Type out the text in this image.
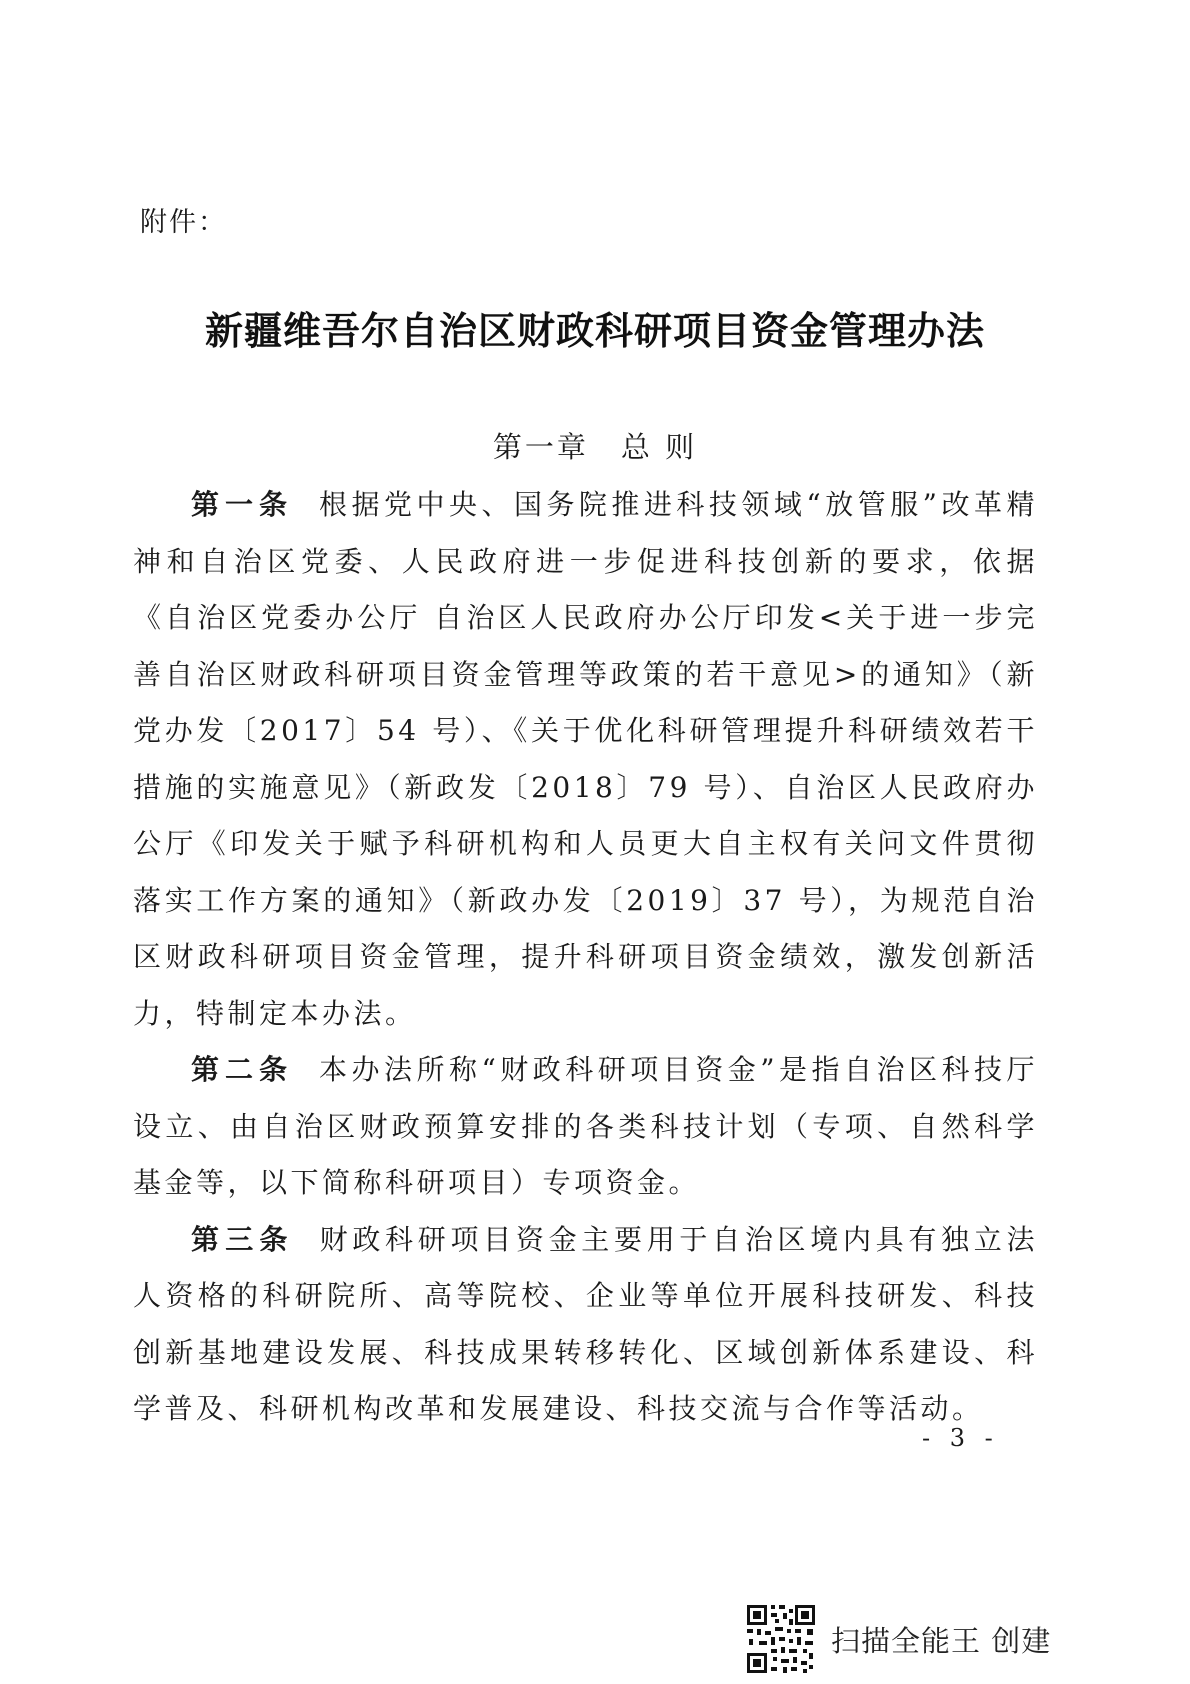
附件：
新疆维吾尔自治区财政科研项目资金管理办法
第一章　总 则

第一条 根据党中央、国务院推进科技领域“放管服”改革精神和自治区党委、人民政府进一步促进科技创新的要求，依据《自治区党委办公厅 自治区人民政府办公厅印发<关于进一步完善自治区财政科研项目资金管理等政策的若干意见>的通知》（新党办发〔2017〕54 号）、《关于优化科研管理提升科研绩效若干措施的实施意见》（新政发〔2018〕79 号）、自治区人民政府办公厅《印发关于赋予科研机构和人员更大自主权有关问文件贯彻落实工作方案的通知》（新政办发〔2019〕37 号），为规范自治区财政科研项目资金管理，提升科研项目资金绩效，激发创新活力，特制定本办法。

第二条 本办法所称“财政科研项目资金”是指自治区科技厅设立、由自治区财政预算安排的各类科技计划（专项、自然科学基金等，以下简称科研项目）专项资金。

第三条 财政科研项目资金主要用于自治区境内具有独立法人资格的科研院所、高等院校、企业等单位开展科技研发、科技创新基地建设发展、科技成果转移转化、区域创新体系建设、科学普及、科研机构改革和发展建设、科技交流与合作等活动。

- 3 -
扫描全能王 创建
